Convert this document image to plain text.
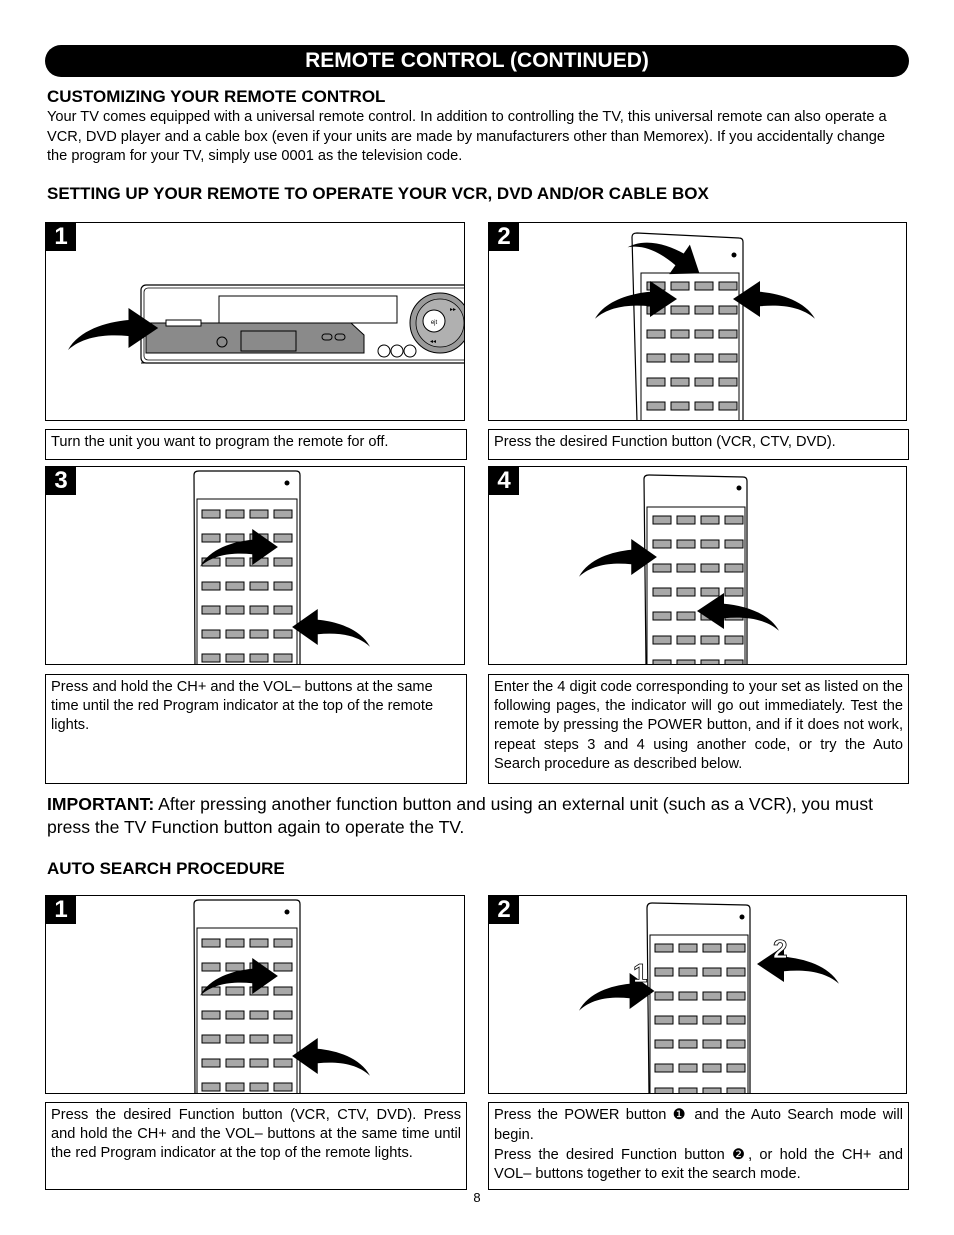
REMOTE CONTROL (CONTINUED)
CUSTOMIZING YOUR REMOTE CONTROL
Your TV comes equipped with a universal remote control. In addition to controlling the TV, this universal remote can also operate a VCR, DVD player and a cable box (even if your units are made by manufacturers other than Memorex). If you accidentally change the program for your TV, simply use 0001 as the television code.
SETTING UP YOUR REMOTE TO OPERATE YOUR VCR, DVD AND/OR CABLE BOX
ejt
▸▸
◂◂
1	2
Turn the unit you want to program the remote for off.	Press the desired Function button (VCR, CTV, DVD).
3	4
Press and hold the CH+ and the VOL– buttons at the same time until the red Program indicator at the top of the remote lights.
Enter the 4 digit code corresponding to your set as listed on the following pages, the indicator will go out immediately. Test the remote by pressing the POWER button, and if it does not work, repeat steps 3 and 4 using another code, or try the Auto Search procedure as described below.
IMPORTANT: After pressing another function button and using an external unit (such as a VCR), you must press the TV Function button again to operate the TV.
AUTO SEARCH PROCEDURE
1
1
2
2
Press the desired Function button (VCR, CTV, DVD). Press and hold the CH+ and the VOL– buttons at the same time until the red Program indicator at the top of the remote lights.
Press the POWER button ❶ and the Auto Search mode will begin.
Press the desired Function button ❷, or hold the CH+ and VOL– buttons together to exit the search mode.
8
